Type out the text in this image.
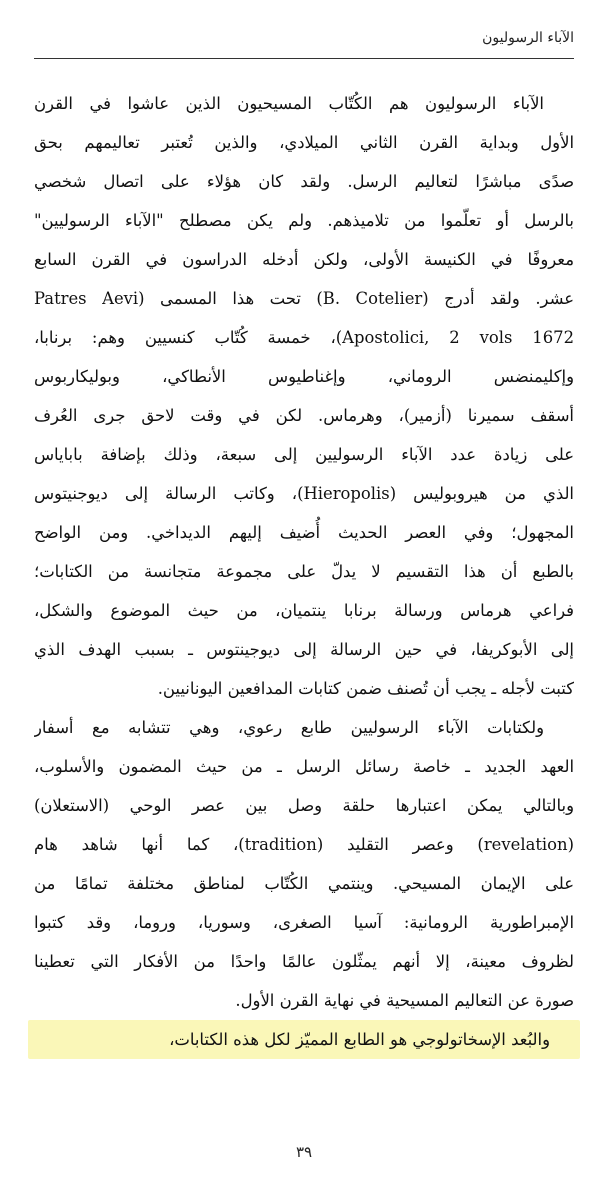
الآباء الرسوليون
الآباء الرسوليون هم الكُتّاب المسيحيون الذين عاشوا في القرن
الأول وبداية القرن الثاني الميلادي، والذين تُعتبر تعاليمهم بحق
صدًى مباشرًا لتعاليم الرسل. ولقد كان هؤلاء على اتصال شخصي
بالرسل أو تعلّموا من تلاميذهم. ولم يكن مصطلح "الآباء الرسوليين"
معروفًا في الكنيسة الأولى، ولكن أدخله الدراسون في القرن السابع
عشر. ولقد أدرج (B. Cotelier) تحت هذا المسمى (Patres Aevi
Apostolici, 2 vols 1672)، خمسة كُتّاب كنسيين وهم: برنابا،
وإكليمنضس الروماني، وإغناطيوس الأنطاكي، وبوليكاربوس
أسقف سميرنا (أزمير)، وهرماس. لكن في وقت لاحق جرى العُرف
على زيادة عدد الآباء الرسوليين إلى سبعة، وذلك بإضافة باباياس
الذي من هيروبوليس (Hieropolis)، وكاتب الرسالة إلى ديوجنيتوس
المجهول؛ وفي العصر الحديث أُضيف إليهم الديداخي. ومن الواضح
بالطبع أن هذا التقسيم لا يدلّ على مجموعة متجانسة من الكتابات؛
فراعي هرماس ورسالة برنابا ينتميان، من حيث الموضوع والشكل،
إلى الأبوكريفا، في حين الرسالة إلى ديوجينتوس ـ بسبب الهدف الذي
كتبت لأجله ـ يجب أن تُصنف ضمن كتابات المدافعين اليونانيين.
ولكتابات الآباء الرسوليين طابع رعوي، وهي تتشابه مع أسفار
العهد الجديد ـ خاصة رسائل الرسل ـ من حيث المضمون والأسلوب،
وبالتالي يمكن اعتبارها حلقة وصل بين عصر الوحي (الاستعلان)
(revelation) وعصر التقليد (tradition)، كما أنها شاهد هام
على الإيمان المسيحي. وينتمي الكُتّاب لمناطق مختلفة تمامًا من
الإمبراطورية الرومانية: آسيا الصغرى، وسوريا، وروما، وقد كتبوا
لظروف معينة، إلا أنهم يمثّلون عالمًا واحدًا من الأفكار التي تعطينا
صورة عن التعاليم المسيحية في نهاية القرن الأول.
والبُعد الإسخاتولوجي هو الطابع المميّز لكل هذه الكتابات،
٣٩
